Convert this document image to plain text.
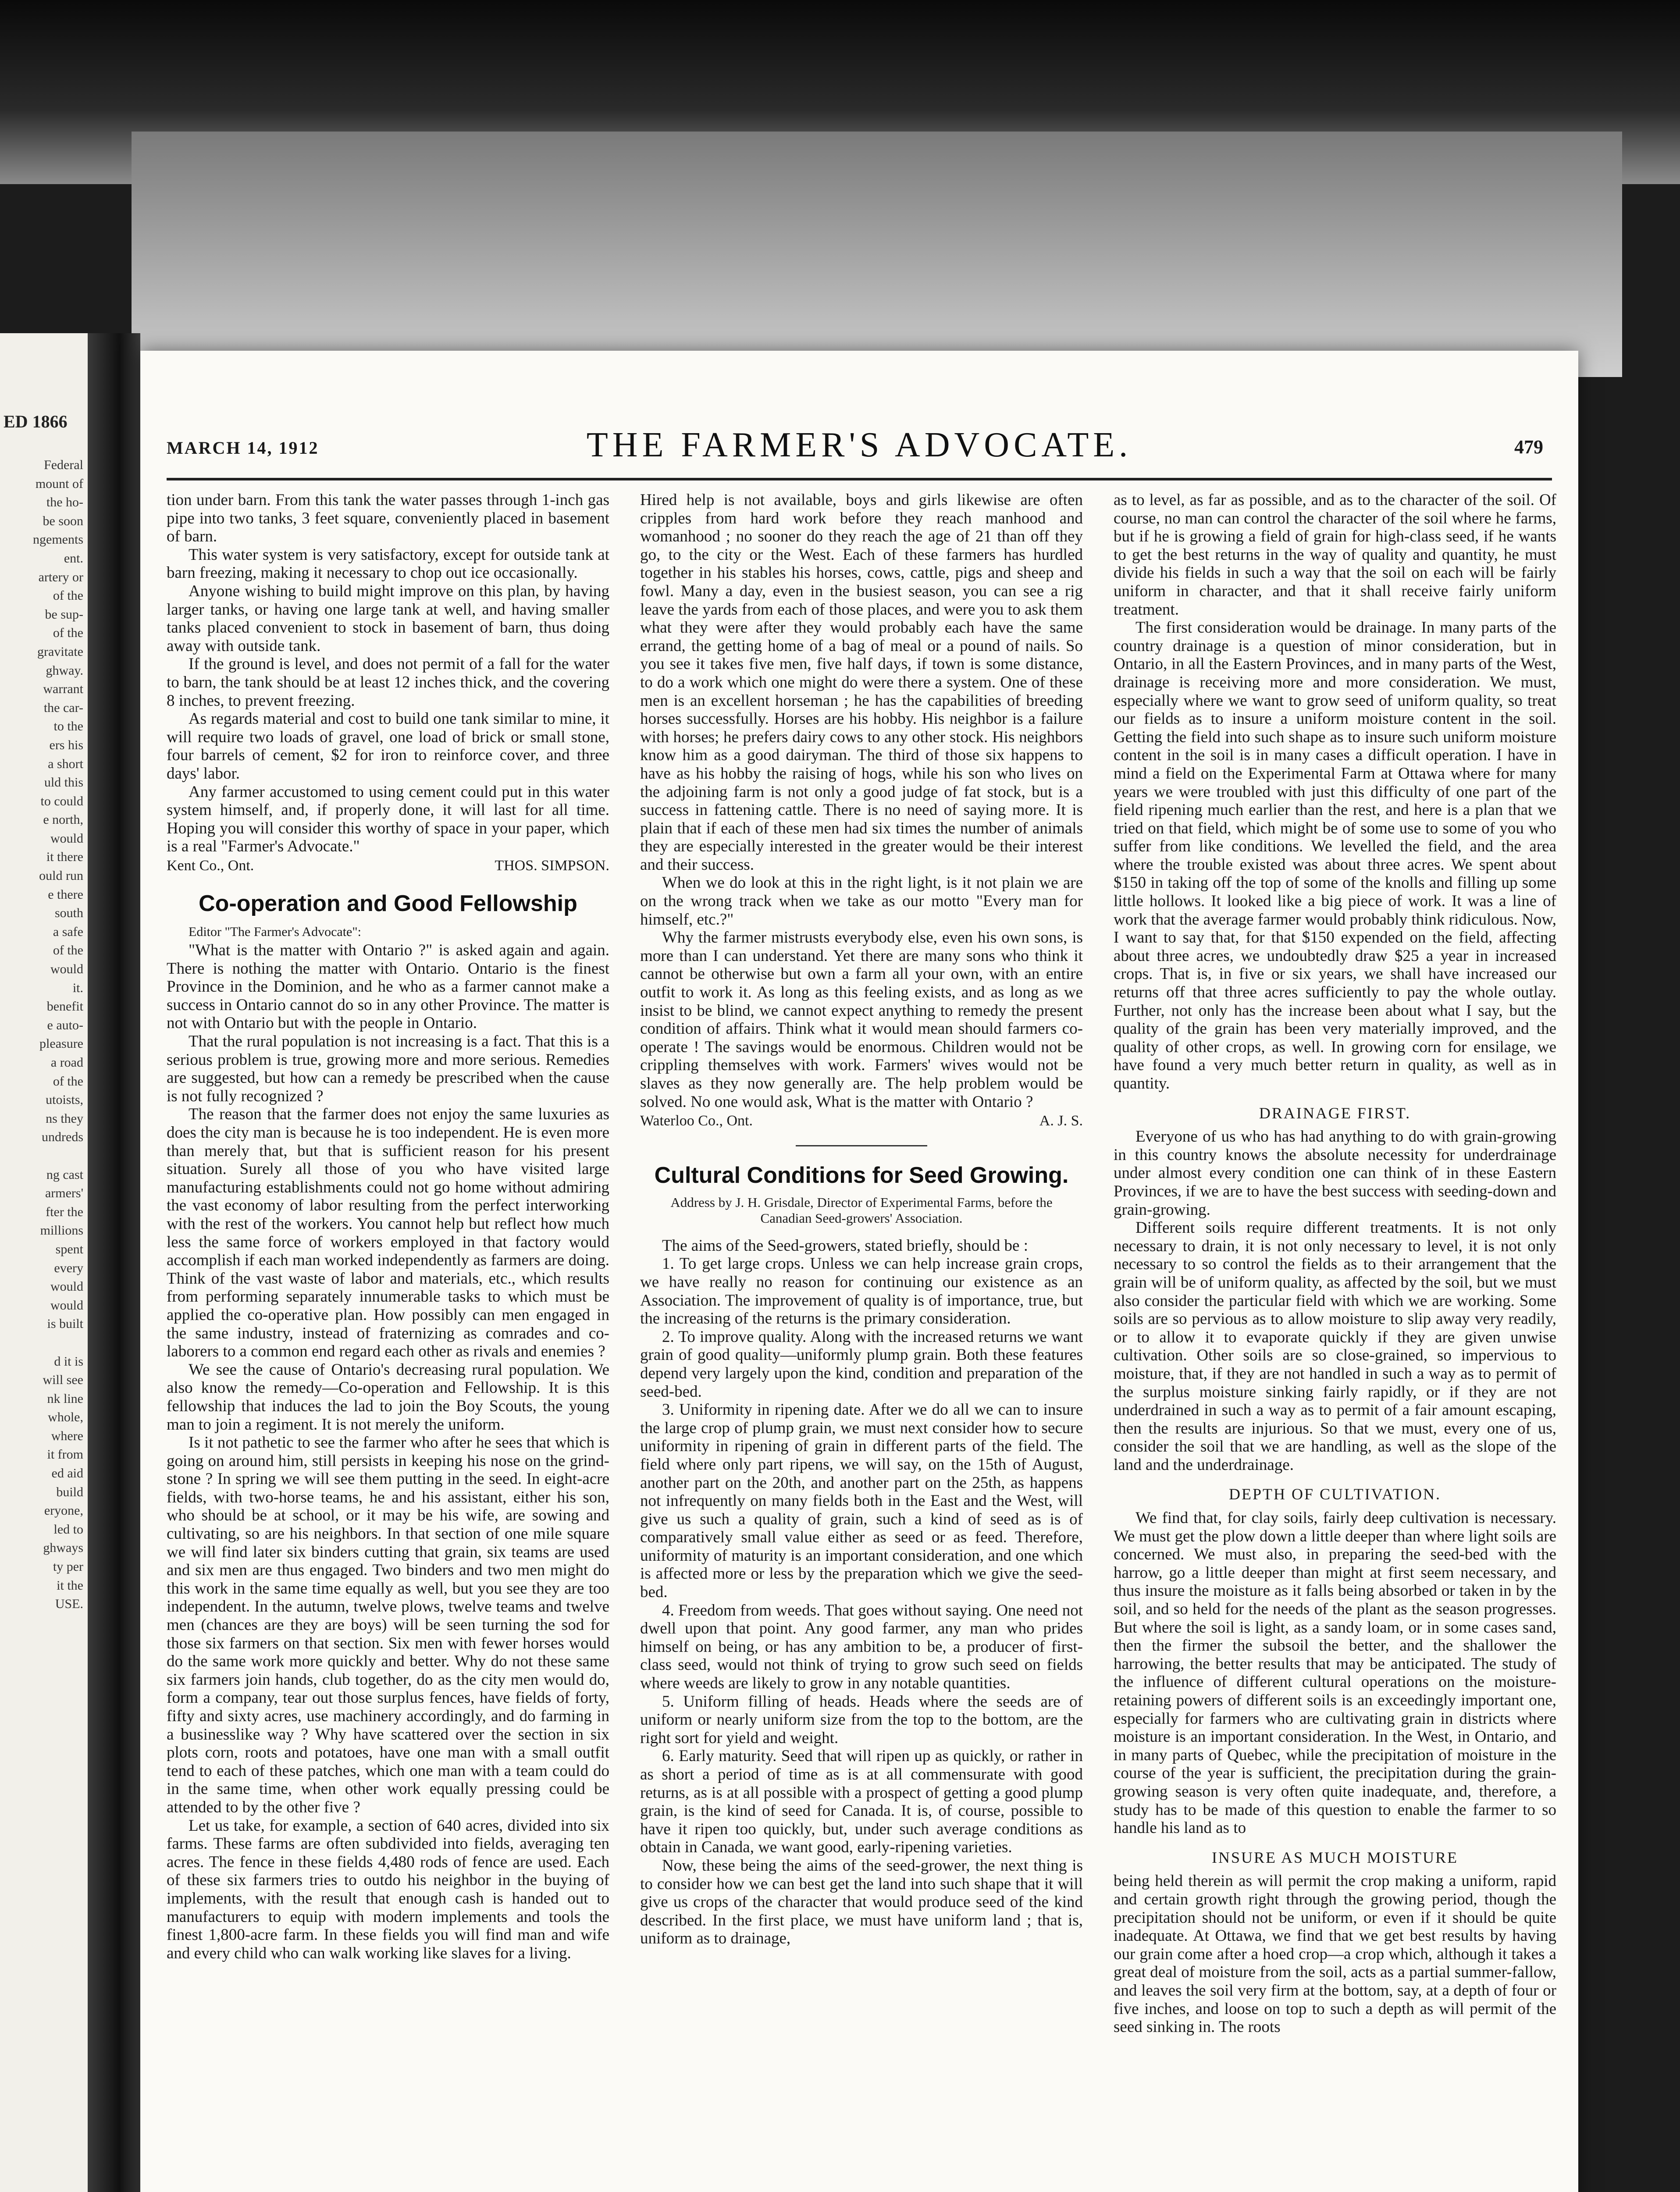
ED 1866
Federal
mount of
the ho-
be soon
ngements
ent.
artery or
of the
be sup-
of the
gravitate
ghway.
warrant
the car-
to the
ers his
a short
uld this
to could
e north,
would
it there
ould run
e there
south
a safe
of the
would
it.
benefit
e auto-
pleasure
a road
of the
utoists,
ns they
undreds

ng cast
armers'
fter the
millions
spent
every
would
would
is built

d it is
will see
nk line
whole,
where
it from
ed aid
build
eryone,
led to
ghways
ty per
it the
USE.
MARCH 14, 1912	THE FARMER'S ADVOCATE.	479

tion under barn. From this tank the water passes through 1-inch gas pipe into two tanks, 3 feet square, conveniently placed in basement of barn.

This water system is very satisfactory, except for outside tank at barn freezing, making it necessary to chop out ice occasionally.

Anyone wishing to build might improve on this plan, by having larger tanks, or having one large tank at well, and having smaller tanks placed convenient to stock in basement of barn, thus doing away with outside tank.

If the ground is level, and does not permit of a fall for the water to barn, the tank should be at least 12 inches thick, and the covering 8 inches, to prevent freezing.

As regards material and cost to build one tank similar to mine, it will require two loads of gravel, one load of brick or small stone, four barrels of cement, $2 for iron to reinforce cover, and three days' labor.

Any farmer accustomed to using cement could put in this water system himself, and, if properly done, it will last for all time. Hoping you will consider this worthy of space in your paper, which is a real "Farmer's Advocate."

Kent Co., Ont.	THOS. SIMPSON.
Co-operation and Good Fellowship

Editor "The Farmer's Advocate":

"What is the matter with Ontario ?" is asked again and again. There is nothing the matter with Ontario. Ontario is the finest Province in the Dominion, and he who as a farmer cannot make a success in Ontario cannot do so in any other Province. The matter is not with Ontario but with the people in Ontario.

That the rural population is not increasing is a fact. That this is a serious problem is true, growing more and more serious. Remedies are suggested, but how can a remedy be prescribed when the cause is not fully recognized ?

The reason that the farmer does not enjoy the same luxuries as does the city man is because he is too independent. He is even more than merely that, but that is sufficient reason for his present situation. Surely all those of you who have visited large manufacturing establishments could not go home without admiring the vast economy of labor resulting from the perfect interworking with the rest of the workers. You cannot help but reflect how much less the same force of workers employed in that factory would accomplish if each man worked independently as farmers are doing. Think of the vast waste of labor and materials, etc., which results from performing separately innumerable tasks to which must be applied the co-operative plan. How possibly can men engaged in the same industry, instead of fraternizing as comrades and co-laborers to a common end regard each other as rivals and enemies ?

We see the cause of Ontario's decreasing rural population. We also know the remedy—Co-operation and Fellowship. It is this fellowship that induces the lad to join the Boy Scouts, the young man to join a regiment. It is not merely the uniform.

Is it not pathetic to see the farmer who after he sees that which is going on around him, still persists in keeping his nose on the grind-stone ? In spring we will see them putting in the seed. In eight-acre fields, with two-horse teams, he and his assistant, either his son, who should be at school, or it may be his wife, are sowing and cultivating, so are his neighbors. In that section of one mile square we will find later six binders cutting that grain, six teams are used and six men are thus engaged. Two binders and two men might do this work in the same time equally as well, but you see they are too independent. In the autumn, twelve plows, twelve teams and twelve men (chances are they are boys) will be seen turning the sod for those six farmers on that section. Six men with fewer horses would do the same work more quickly and better. Why do not these same six farmers join hands, club together, do as the city men would do, form a company, tear out those surplus fences, have fields of forty, fifty and sixty acres, use machinery accordingly, and do farming in a businesslike way ? Why have scattered over the section in six plots corn, roots and potatoes, have one man with a small outfit tend to each of these patches, which one man with a team could do in the same time, when other work equally pressing could be attended to by the other five ?

Let us take, for example, a section of 640 acres, divided into six farms. These farms are often subdivided into fields, averaging ten acres. The fence in these fields 4,480 rods of fence are used. Each of these six farmers tries to outdo his neighbor in the buying of implements, with the result that enough cash is handed out to manufacturers to equip with modern implements and tools the finest 1,800-acre farm. In these fields you will find man and wife and every child who can walk working like slaves for a living.

Hired help is not available, boys and girls likewise are often cripples from hard work before they reach manhood and womanhood ; no sooner do they reach the age of 21 than off they go, to the city or the West. Each of these farmers has hurdled together in his stables his horses, cows, cattle, pigs and sheep and fowl. Many a day, even in the busiest season, you can see a rig leave the yards from each of those places, and were you to ask them what they were after they would probably each have the same errand, the getting home of a bag of meal or a pound of nails. So you see it takes five men, five half days, if town is some distance, to do a work which one might do were there a system. One of these men is an excellent horseman ; he has the capabilities of breeding horses successfully. Horses are his hobby. His neighbor is a failure with horses; he prefers dairy cows to any other stock. His neighbors know him as a good dairyman. The third of those six happens to have as his hobby the raising of hogs, while his son who lives on the adjoining farm is not only a good judge of fat stock, but is a success in fattening cattle. There is no need of saying more. It is plain that if each of these men had six times the number of animals they are especially interested in the greater would be their interest and their success.

When we do look at this in the right light, is it not plain we are on the wrong track when we take as our motto "Every man for himself, etc.?"

Why the farmer mistrusts everybody else, even his own sons, is more than I can understand. Yet there are many sons who think it cannot be otherwise but own a farm all your own, with an entire outfit to work it. As long as this feeling exists, and as long as we insist to be blind, we cannot expect anything to remedy the present condition of affairs. Think what it would mean should farmers co-operate ! The savings would be enormous. Children would not be crippling themselves with work. Farmers' wives would not be slaves as they now generally are. The help problem would be solved. No one would ask, What is the matter with Ontario ?

Waterloo Co., Ont.	A. J. S.
Cultural Conditions for Seed Growing.
Address by J. H. Grisdale, Director of Experimental Farms, before the Canadian Seed-growers' Association.

The aims of the Seed-growers, stated briefly, should be :

1. To get large crops. Unless we can help increase grain crops, we have really no reason for continuing our existence as an Association. The improvement of quality is of importance, true, but the increasing of the returns is the primary consideration.

2. To improve quality. Along with the increased returns we want grain of good quality—uniformly plump grain. Both these features depend very largely upon the kind, condition and preparation of the seed-bed.

3. Uniformity in ripening date. After we do all we can to insure the large crop of plump grain, we must next consider how to secure uniformity in ripening of grain in different parts of the field. The field where only part ripens, we will say, on the 15th of August, another part on the 20th, and another part on the 25th, as happens not infrequently on many fields both in the East and the West, will give us such a quality of grain, such a kind of seed as is of comparatively small value either as seed or as feed. Therefore, uniformity of maturity is an important consideration, and one which is affected more or less by the preparation which we give the seed-bed.

4. Freedom from weeds. That goes without saying. One need not dwell upon that point. Any good farmer, any man who prides himself on being, or has any ambition to be, a producer of first-class seed, would not think of trying to grow such seed on fields where weeds are likely to grow in any notable quantities.

5. Uniform filling of heads. Heads where the seeds are of uniform or nearly uniform size from the top to the bottom, are the right sort for yield and weight.

6. Early maturity. Seed that will ripen up as quickly, or rather in as short a period of time as is at all commensurate with good returns, as is at all possible with a prospect of getting a good plump grain, is the kind of seed for Canada. It is, of course, possible to have it ripen too quickly, but, under such average conditions as obtain in Canada, we want good, early-ripening varieties.

Now, these being the aims of the seed-grower, the next thing is to consider how we can best get the land into such shape that it will give us crops of the character that would produce seed of the kind described. In the first place, we must have uniform land ; that is, uniform as to drainage,

as to level, as far as possible, and as to the character of the soil. Of course, no man can control the character of the soil where he farms, but if he is growing a field of grain for high-class seed, if he wants to get the best returns in the way of quality and quantity, he must divide his fields in such a way that the soil on each will be fairly uniform in character, and that it shall receive fairly uniform treatment.

The first consideration would be drainage. In many parts of the country drainage is a question of minor consideration, but in Ontario, in all the Eastern Provinces, and in many parts of the West, drainage is receiving more and more consideration. We must, especially where we want to grow seed of uniform quality, so treat our fields as to insure a uniform moisture content in the soil. Getting the field into such shape as to insure such uniform moisture content in the soil is in many cases a difficult operation. I have in mind a field on the Experimental Farm at Ottawa where for many years we were troubled with just this difficulty of one part of the field ripening much earlier than the rest, and here is a plan that we tried on that field, which might be of some use to some of you who suffer from like conditions. We levelled the field, and the area where the trouble existed was about three acres. We spent about $150 in taking off the top of some of the knolls and filling up some little hollows. It looked like a big piece of work. It was a line of work that the average farmer would probably think ridiculous. Now, I want to say that, for that $150 expended on the field, affecting about three acres, we undoubtedly draw $25 a year in increased crops. That is, in five or six years, we shall have increased our returns off that three acres sufficiently to pay the whole outlay. Further, not only has the increase been about what I say, but the quality of the grain has been very materially improved, and the quality of other crops, as well. In growing corn for ensilage, we have found a very much better return in quality, as well as in quantity.

DRAINAGE FIRST.

Everyone of us who has had anything to do with grain-growing in this country knows the absolute necessity for underdrainage under almost every condition one can think of in these Eastern Provinces, if we are to have the best success with seeding-down and grain-growing.

Different soils require different treatments. It is not only necessary to drain, it is not only necessary to level, it is not only necessary to so control the fields as to their arrangement that the grain will be of uniform quality, as affected by the soil, but we must also consider the particular field with which we are working. Some soils are so pervious as to allow moisture to slip away very readily, or to allow it to evaporate quickly if they are given unwise cultivation. Other soils are so close-grained, so impervious to moisture, that, if they are not handled in such a way as to permit of the surplus moisture sinking fairly rapidly, or if they are not underdrained in such a way as to permit of a fair amount escaping, then the results are injurious. So that we must, every one of us, consider the soil that we are handling, as well as the slope of the land and the underdrainage.

DEPTH OF CULTIVATION.

We find that, for clay soils, fairly deep cultivation is necessary. We must get the plow down a little deeper than where light soils are concerned. We must also, in preparing the seed-bed with the harrow, go a little deeper than might at first seem necessary, and thus insure the moisture as it falls being absorbed or taken in by the soil, and so held for the needs of the plant as the season progresses. But where the soil is light, as a sandy loam, or in some cases sand, then the firmer the subsoil the better, and the shallower the harrowing, the better results that may be anticipated. The study of the influence of different cultural operations on the moisture-retaining powers of different soils is an exceedingly important one, especially for farmers who are cultivating grain in districts where moisture is an important consideration. In the West, in Ontario, and in many parts of Quebec, while the precipitation of moisture in the course of the year is sufficient, the precipitation during the grain-growing season is very often quite inadequate, and, therefore, a study has to be made of this question to enable the farmer to so handle his land as to

INSURE AS MUCH MOISTURE

being held therein as will permit the crop making a uniform, rapid and certain growth right through the growing period, though the precipitation should not be uniform, or even if it should be quite inadequate. At Ottawa, we find that we get best results by having our grain come after a hoed crop—a crop which, although it takes a great deal of moisture from the soil, acts as a partial summer-fallow, and leaves the soil very firm at the bottom, say, at a depth of four or five inches, and loose on top to such a depth as will permit of the seed sinking in. The roots
